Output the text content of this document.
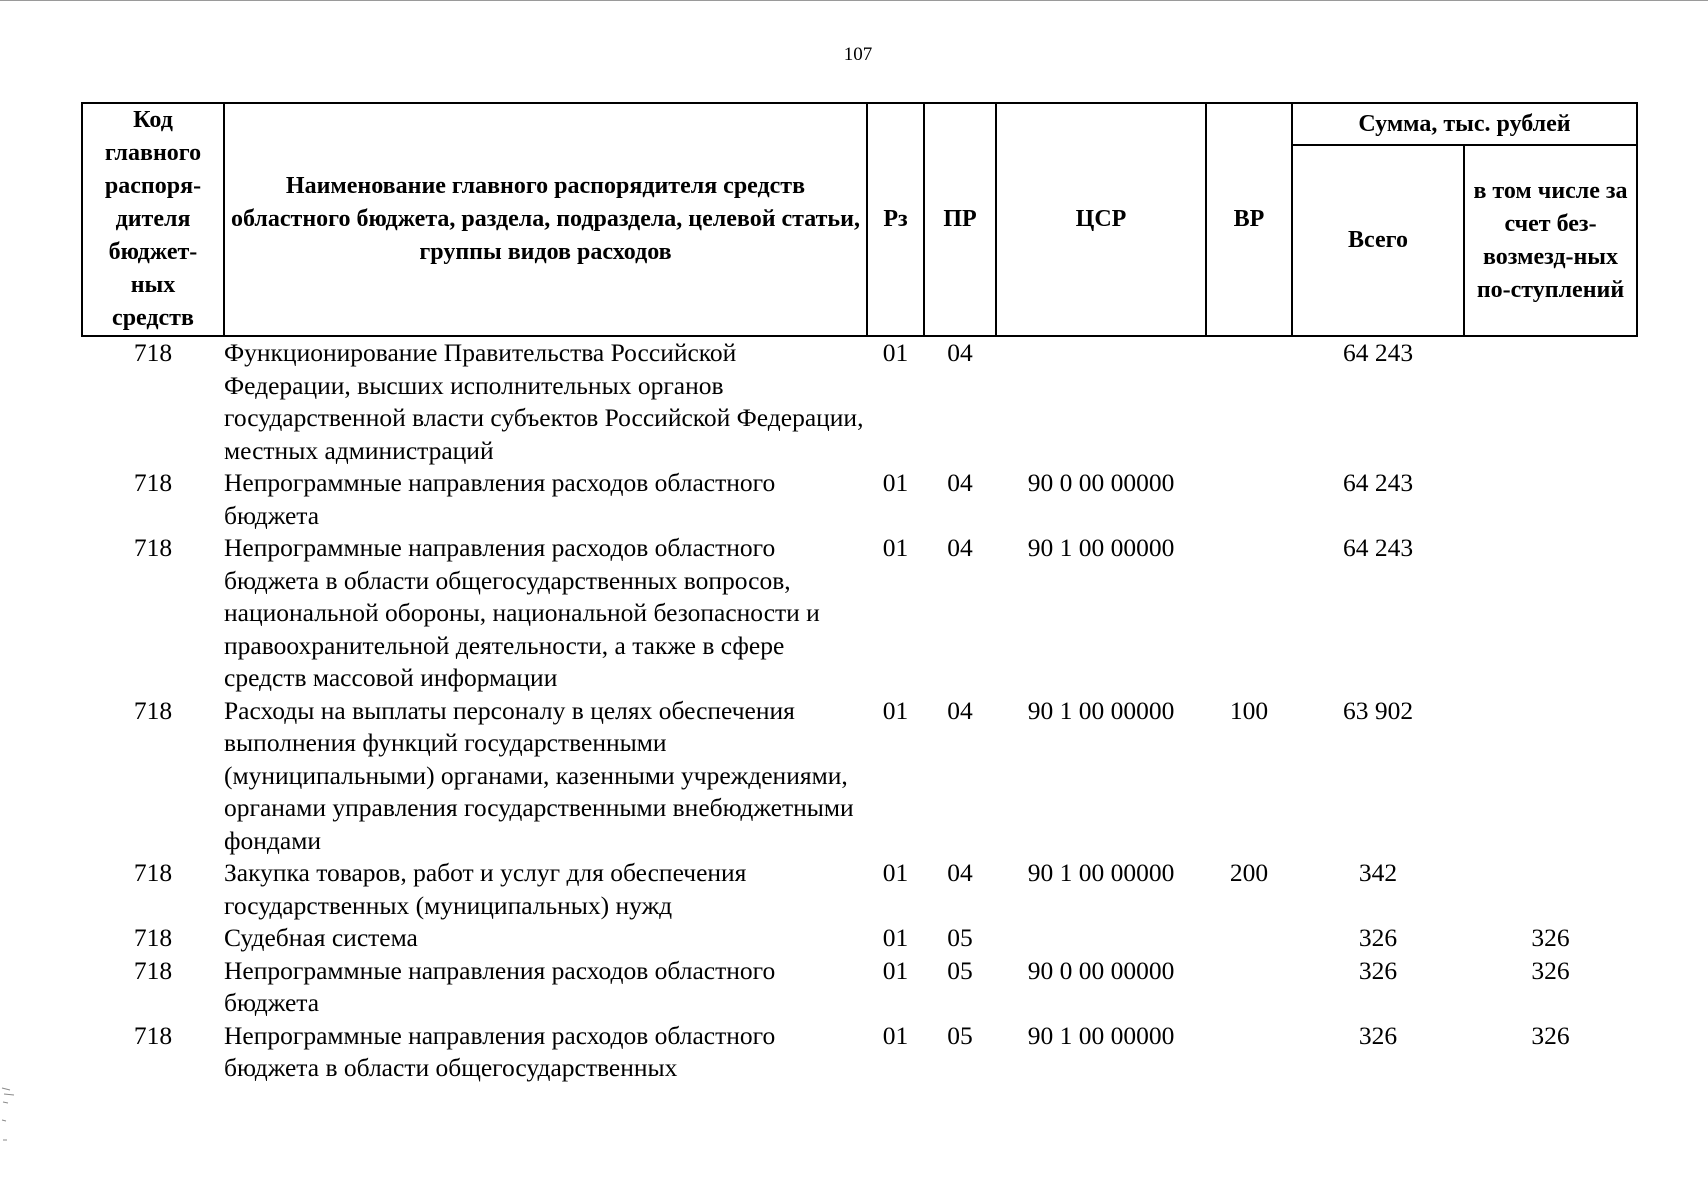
107
Код главного распоря-дителя бюджет-ных средств	Наименование главного распорядителя средств областного бюджета, раздела, подраздела, целевой статьи, группы видов расходов	Рз	ПР	ЦСР	ВР	Сумма, тыс. рублей	
						Всего	в том числе за счет без-возмезд-ных по-ступлений
718	Функционирование Правительства Российской Федерации, высших исполнительных органов государственной власти субъектов Российской Федерации, местных администраций	01	04			64 243	
718	Непрограммные направления расходов областного бюджета	01	04	90 0 00 00000		64 243	
718	Непрограммные направления расходов областного бюджета в области общегосударственных вопросов, национальной обороны, национальной безопасности и правоохранительной деятельности, а также в сфере средств массовой информации	01	04	90 1 00 00000		64 243	
718	Расходы на выплаты персоналу в целях обеспечения выполнения функций государственными (муниципальными) органами, казенными учреждениями, органами управления государственными внебюджетными фондами	01	04	90 1 00 00000	100	63 902	
718	Закупка товаров, работ и услуг для обеспечения государственных (муниципальных) нужд	01	04	90 1 00 00000	200	342	
718	Судебная система	01	05			326	326
718	Непрограммные направления расходов областного бюджета	01	05	90 0 00 00000		326	326
718	Непрограммные направления расходов областного бюджета в области общегосударственных	01	05	90 1 00 00000		326	326
